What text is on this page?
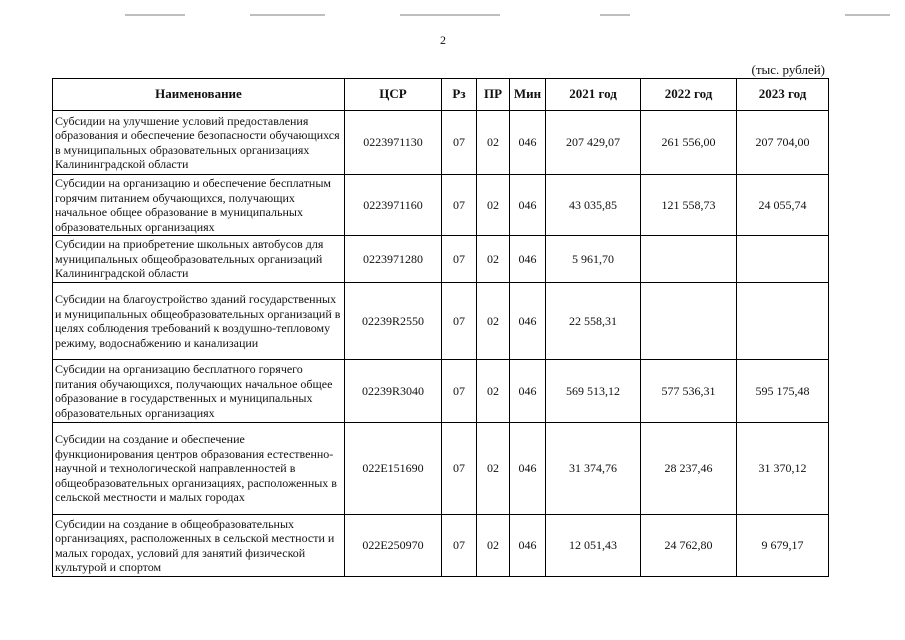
2
(тыс. рублей)
Наименование	ЦСР	Рз	ПР	Мин	2021 год	2022 год	2023 год
Субсидии на улучшение условий предоставления образования и обеспечение безопасности обучающихся в муниципальных образовательных организациях Калининградской области	0223971130	07	02	046	207 429,07	261 556,00	207 704,00
Субсидии на организацию и обеспечение бесплатным горячим питанием обучающихся, получающих начальное общее образование в муниципальных образовательных организациях	0223971160	07	02	046	43 035,85	121 558,73	24 055,74
Субсидии на приобретение школьных автобусов для муниципальных общеобразовательных организаций Калининградской области	0223971280	07	02	046	5 961,70		
Субсидии на благоустройство зданий государственных и муниципальных общеобразовательных организаций в целях соблюдения требований к воздушно-тепловому режиму, водоснабжению и канализации	02239R2550	07	02	046	22 558,31		
Субсидии на организацию бесплатного горячего питания обучающихся, получающих начальное общее образование в государственных и муниципальных образовательных организациях	02239R3040	07	02	046	569 513,12	577 536,31	595 175,48
Субсидии на создание и обеспечение функционирования центров образования естественно-научной и технологической направленностей в общеобразовательных организациях, расположенных в сельской местности и малых городах	022E151690	07	02	046	31 374,76	28 237,46	31 370,12
Субсидии на создание в общеобразовательных организациях, расположенных в сельской местности и малых городах, условий для занятий физической культурой и спортом	022E250970	07	02	046	12 051,43	24 762,80	9 679,17
